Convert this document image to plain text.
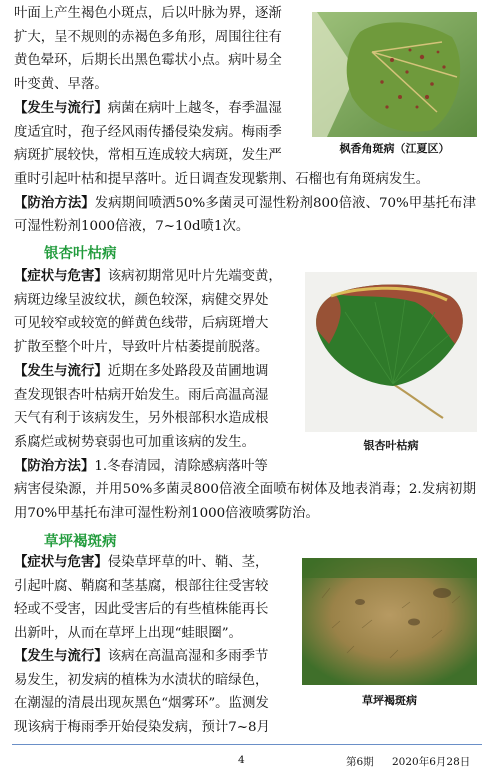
叶面上产生褐色小斑点，后以叶脉为界，逐渐
扩大，呈不规则的赤褐色多角形，周围往往有
黄色晕环，后期长出黑色霉状小点。病叶易全
叶变黄、早落。

【发生与流行】病菌在病叶上越冬，春季温湿
度适宜时，孢子经风雨传播侵染发病。梅雨季
病斑扩展较快，常相互连成较大病斑，发生严

重时引起叶枯和提早落叶。近日调查发现紫荆、石榴也有角斑病发生。
【防治方法】发病期间喷洒50%多菌灵可湿性粉剂800倍液、70%甲基托布津可湿性粉剂1000倍液，7~10d喷1次。

枫香角斑病（江夏区）
银杏叶枯病

【症状与危害】该病初期常见叶片先端变黄，
病斑边缘呈波纹状，颜色较深，病健交界处
可见较窄或较宽的鲜黄色线带，后病斑增大
扩散至整个叶片，导致叶片枯萎提前脱落。

【发生与流行】近期在多处路段及苗圃地调
查发现银杏叶枯病开始发生。雨后高温高湿
天气有利于该病发生，另外根部积水造成根
系腐烂或树势衰弱也可加重该病的发生。

【防治方法】1.冬春清园，清除感病落叶等

病害侵染源，并用50%多菌灵800倍液全面喷布树体及地表消毒；2.发病初期用70%甲基托布津可湿性粉剂1000倍液喷雾防治。

银杏叶枯病
草坪褐斑病

【症状与危害】侵染草坪草的叶、鞘、茎，
引起叶腐、鞘腐和茎基腐，根部往往受害较
轻或不受害，因此受害后的有些植株能再长
出新叶，从而在草坪上出现“蛙眼圈”。

【发生与流行】该病在高温高湿和多雨季节
易发生，初发病的植株为水渍状的暗绿色，
在潮湿的清晨出现灰黑色“烟雾环”。监测发
现该病于梅雨季开始侵染发病，预计7~8月

草坪褐斑病
4	第6期 2020年6月28日
